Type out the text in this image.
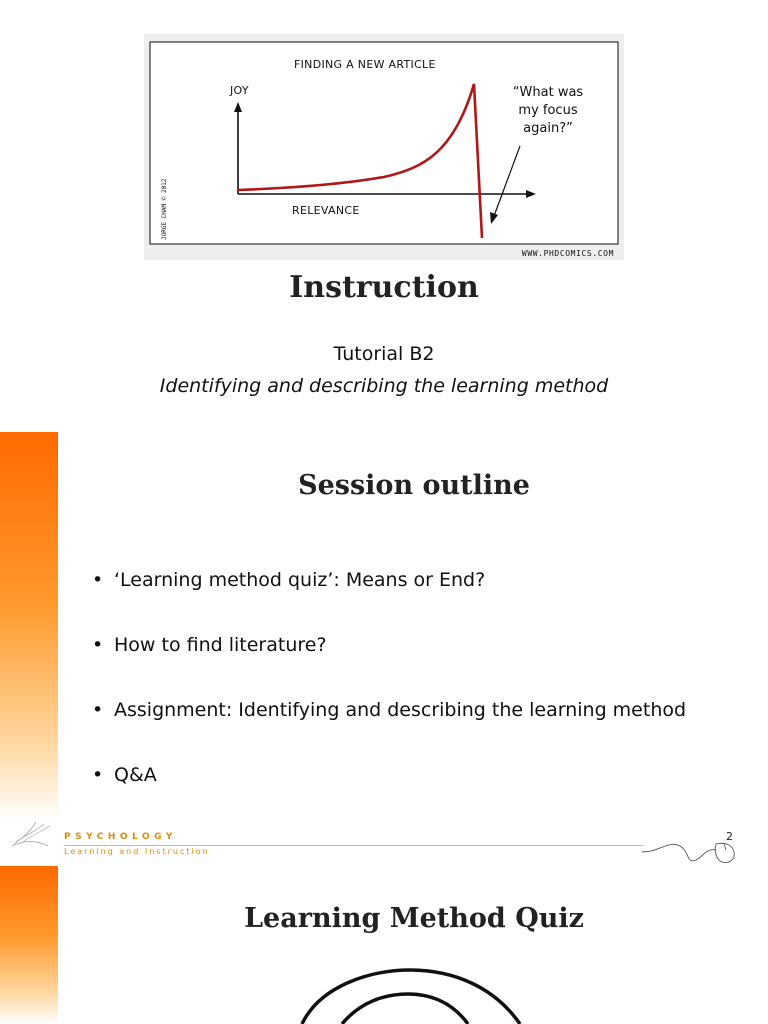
FINDING A NEW ARTICLE
JOY
RELEVANCE
“What was
my focus
again?”
WWW.PHDCOMICS.COM
JORGE CHAM © 2012
Instruction
Tutorial B2
Identifying and describing the learning method
Session outline
• ‘Learning method quiz’: Means or End?
• How to find literature?
• Assignment: Identifying and describing the learning method
• Q&A
PSYCHOLOGY
Learning and Instruction
2
Learning Method Quiz
